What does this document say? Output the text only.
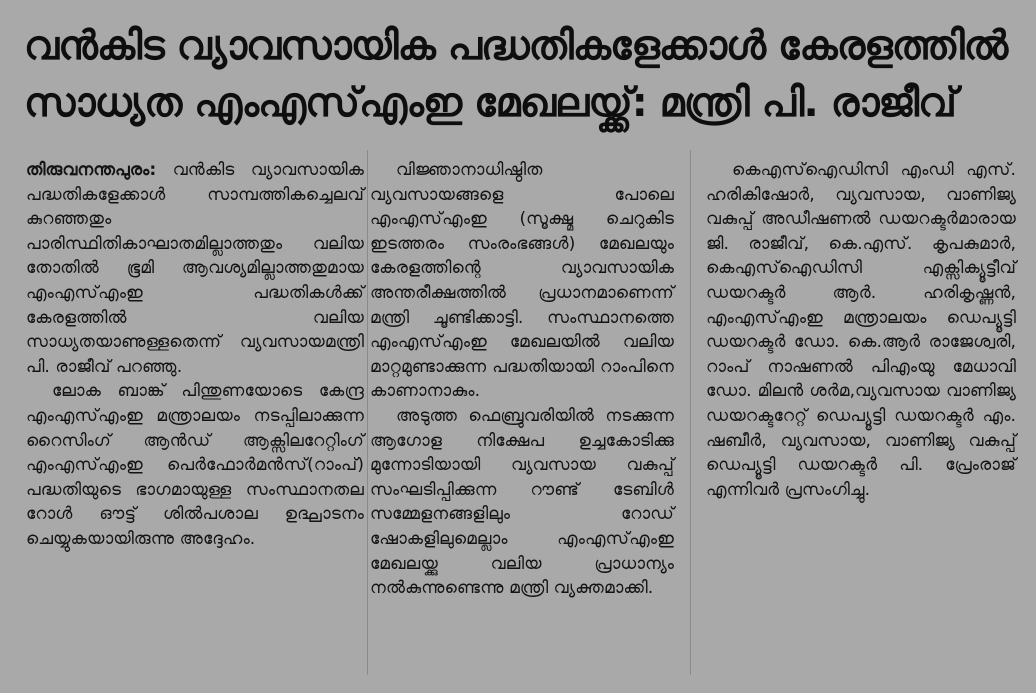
വൻകിട വ്യാവസായിക പദ്ധതികളേക്കാൾ കേരളത്തിൽ
സാധ്യത എംഎസ്എംഇ മേഖലയ്ക്ക്: മന്ത്രി പി. രാജീവ്

തിരുവനന്തപുരം: വൻകിട വ്യാവസായിക പദ്ധതികളേക്കാൾ സാമ്പത്തികച്ചെലവ് കുറഞ്ഞതും പാരിസ്ഥിതികാഘാതമില്ലാത്തതും വലിയ തോതിൽ ഭൂമി ആവശ്യമില്ലാത്തതുമായ എംഎസ്എംഇ പദ്ധതികൾക്ക് കേരളത്തിൽ വലിയ സാധ്യതയാണുള്ളതെന്ന് വ്യവസായമന്ത്രി പി. രാജീവ് പറഞ്ഞു.

ലോക ബാങ്ക് പിന്തുണയോടെ കേന്ദ്ര എംഎസ്എംഇ മന്ത്രാലയം നടപ്പിലാക്കുന്ന റൈസിംഗ് ആൻഡ് ആക്സിലറേറ്റിംഗ് എംഎസ്എംഇ പെർഫോർമൻസ്(റാംപ്) പദ്ധതിയുടെ ഭാഗമായുള്ള സംസ്ഥാനതല റോൾ ഔട്ട് ശിൽപശാല ഉദ്ഘാടനം ചെയ്യുകയായിരുന്നു അദ്ദേഹം.

വിജ്ഞാനാധിഷ്ഠിത വ്യവസായങ്ങളെ പോലെ എംഎസ്എംഇ (സൂക്ഷ്മ ചെറുകിട ഇടത്തരം സംരംഭങ്ങൾ) മേഖലയും കേരളത്തിന്റെ വ്യാവസായിക അന്തരീക്ഷത്തിൽ പ്രധാനമാണെന്ന് മന്ത്രി ചൂണ്ടിക്കാട്ടി. സംസ്ഥാനത്തെ എംഎസ്എംഇ മേഖലയിൽ വലിയ മാറ്റമുണ്ടാക്കുന്ന പദ്ധതിയായി റാംപിനെ കാണാനാകും.

അടുത്ത ഫെബ്രുവരിയിൽ നടക്കുന്ന ആഗോള നിക്ഷേപ ഉച്ചകോടിക്കു മുന്നോടിയായി വ്യവസായ വകുപ്പ് സംഘടിപ്പിക്കുന്ന റൗണ്ട് ടേബിൾ സമ്മേളനങ്ങളിലും റോഡ് ഷോകളിലുമെല്ലാം എംഎസ്എംഇ മേഖലയ്ക്കു വലിയ പ്രാധാന്യം നൽകുന്നുണ്ടെന്നു മന്ത്രി വ്യക്തമാക്കി.

കെഎസ്ഐഡിസി എംഡി എസ്. ഹരികിഷോർ, വ്യവസായ, വാണിജ്യ വകുപ്പ് അഡീഷണൽ ഡയറക്ടർമാരായ ജി. രാജീവ്, കെ.എസ്. കൃപകുമാർ, കെഎസ്ഐഡിസി എക്സിക്യൂട്ടീവ് ഡയറക്ടർ ആർ. ഹരികൃഷ്ണൻ, എംഎസ്എംഇ മന്ത്രാലയം ഡെപ്യൂട്ടി ഡയറക്ടർ ഡോ. കെ.ആർ രാജേശ്വരി, റാംപ് നാഷണൽ പിഎംയു മേധാവി ഡോ. മിലൻ ശർമ,വ്യവസായ വാണിജ്യ ഡയറക്ടറേറ്റ് ഡെപ്യൂട്ടി ഡയറക്ടർ എം. ഷബീർ, വ്യവസായ, വാണിജ്യ വകുപ്പ് ഡെപ്യൂട്ടി ഡയറക്ടർ പി. പ്രേംരാജ് എന്നിവർ പ്രസംഗിച്ചു.
